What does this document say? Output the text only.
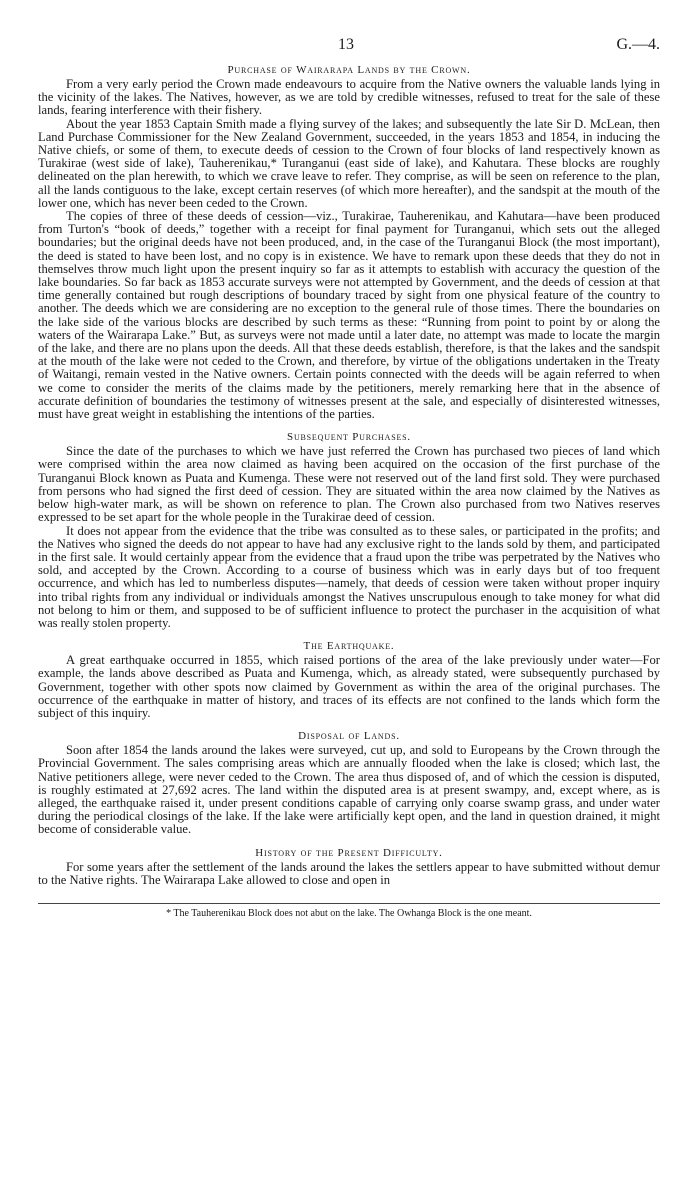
13	G.—4.
Purchase of Wairarapa Lands by the Crown.

From a very early period the Crown made endeavours to acquire from the Native owners the valuable lands lying in the vicinity of the lakes. The Natives, however, as we are told by credible witnesses, refused to treat for the sale of these lands, fearing interference with their fishery.

About the year 1853 Captain Smith made a flying survey of the lakes; and subsequently the late Sir D. McLean, then Land Purchase Commissioner for the New Zealand Government, succeeded, in the years 1853 and 1854, in inducing the Native chiefs, or some of them, to execute deeds of cession to the Crown of four blocks of land respectively known as Turakirae (west side of lake), Tauherenikau,* Turanganui (east side of lake), and Kahutara. These blocks are roughly delineated on the plan herewith, to which we crave leave to refer. They comprise, as will be seen on reference to the plan, all the lands contiguous to the lake, except certain reserves (of which more hereafter), and the sandspit at the mouth of the lower one, which has never been ceded to the Crown.

The copies of three of these deeds of cession—viz., Turakirae, Tauherenikau, and Kahutara—have been produced from Turton's “book of deeds,” together with a receipt for final payment for Turanganui, which sets out the alleged boundaries; but the original deeds have not been produced, and, in the case of the Turanganui Block (the most important), the deed is stated to have been lost, and no copy is in existence. We have to remark upon these deeds that they do not in themselves throw much light upon the present inquiry so far as it attempts to establish with accuracy the question of the lake boundaries. So far back as 1853 accurate surveys were not attempted by Government, and the deeds of cession at that time generally contained but rough descriptions of boundary traced by sight from one physical feature of the country to another. The deeds which we are considering are no exception to the general rule of those times. There the boundaries on the lake side of the various blocks are described by such terms as these: “Running from point to point by or along the waters of the Wairarapa Lake.” But, as surveys were not made until a later date, no attempt was made to locate the margin of the lake, and there are no plans upon the deeds. All that these deeds establish, therefore, is that the lakes and the sandspit at the mouth of the lake were not ceded to the Crown, and therefore, by virtue of the obligations undertaken in the Treaty of Waitangi, remain vested in the Native owners. Certain points connected with the deeds will be again referred to when we come to consider the merits of the claims made by the petitioners, merely remarking here that in the absence of accurate definition of boundaries the testimony of witnesses present at the sale, and especially of disinterested witnesses, must have great weight in establishing the intentions of the parties.

Subsequent Purchases.

Since the date of the purchases to which we have just referred the Crown has purchased two pieces of land which were comprised within the area now claimed as having been acquired on the occasion of the first purchase of the Turanganui Block known as Puata and Kumenga. These were not reserved out of the land first sold. They were purchased from persons who had signed the first deed of cession. They are situated within the area now claimed by the Natives as below high-water mark, as will be shown on reference to plan. The Crown also purchased from two Natives reserves expressed to be set apart for the whole people in the Turakirae deed of cession.

It does not appear from the evidence that the tribe was consulted as to these sales, or participated in the profits; and the Natives who signed the deeds do not appear to have had any exclusive right to the lands sold by them, and participated in the first sale. It would certainly appear from the evidence that a fraud upon the tribe was perpetrated by the Natives who sold, and accepted by the Crown. According to a course of business which was in early days but of too frequent occurrence, and which has led to numberless disputes—namely, that deeds of cession were taken without proper inquiry into tribal rights from any individual or individuals amongst the Natives unscrupulous enough to take money for what did not belong to him or them, and supposed to be of sufficient influence to protect the purchaser in the acquisition of what was really stolen property.

The Earthquake.

A great earthquake occurred in 1855, which raised portions of the area of the lake previously under water—For example, the lands above described as Puata and Kumenga, which, as already stated, were subsequently purchased by Government, together with other spots now claimed by Government as within the area of the original purchases. The occurrence of the earthquake in matter of history, and traces of its effects are not confined to the lands which form the subject of this inquiry.

Disposal of Lands.

Soon after 1854 the lands around the lakes were surveyed, cut up, and sold to Europeans by the Crown through the Provincial Government. The sales comprising areas which are annually flooded when the lake is closed; which last, the Native petitioners allege, were never ceded to the Crown. The area thus disposed of, and of which the cession is disputed, is roughly estimated at 27,692 acres. The land within the disputed area is at present swampy, and, except where, as is alleged, the earthquake raised it, under present conditions capable of carrying only coarse swamp grass, and under water during the periodical closings of the lake. If the lake were artificially kept open, and the land in question drained, it might become of considerable value.

History of the Present Difficulty.

For some years after the settlement of the lands around the lakes the settlers appear to have submitted without demur to the Native rights. The Wairarapa Lake allowed to close and open in

* The Tauherenikau Block does not abut on the lake. The Owhanga Block is the one meant.
